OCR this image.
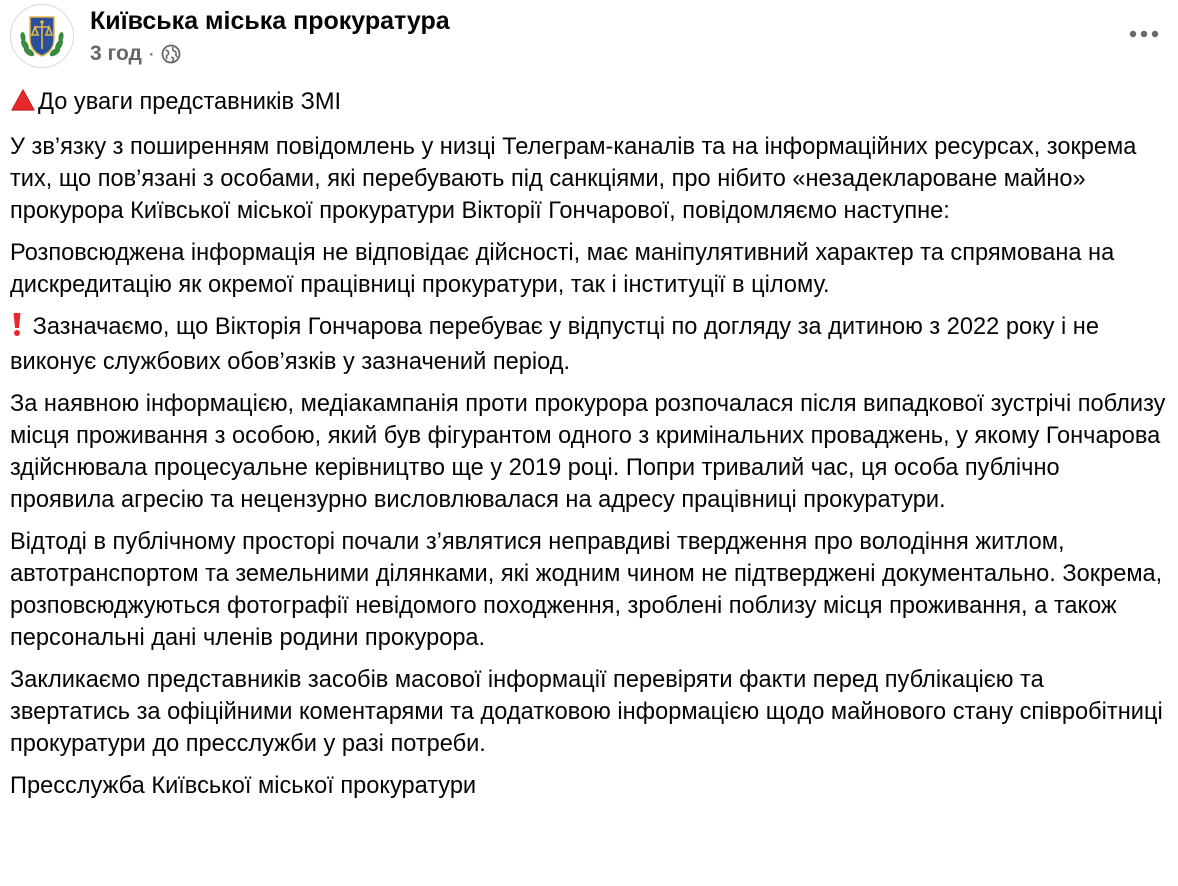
Київська міська прокуратура
3 год ·

До уваги представників ЗМІ

У зв’язку з поширенням повідомлень у низці Телеграм-каналів та на інформаційних ресурсах, зокрема тих, що пов’язані з особами, які перебувають під санкціями, про нібито «незадекларoване майно» прокурора Київської міської прокуратури Вікторії Гончарової, повідомляємо наступне:

Розповсюджена інформація не відповідає дійсності, має маніпулятивний характер та спрямована на дискредитацію як окремої працівниці прокуратури, так і інституції в цілому.

Зазначаємо, що Вікторія Гончарова перебуває у відпустці по догляду за дитиною з 2022 року і не виконує службових обов’язків у зазначений період.

За наявною інформацією, медіакампанія проти прокурора розпочалася після випадкової зустрічі поблизу місця проживання з особою, який був фігурантом одного з кримінальних проваджень, у якому Гончарова здійснювала процесуальне керівництво ще у 2019 році. Попри тривалий час, ця особа публічно проявила агресію та нецензурно висловлювалася на адресу працівниці прокуратури.

Відтоді в публічному просторі почали з’являтися неправдиві твердження про володіння житлом, автотранспортом та земельними ділянками, які жодним чином не підтверджені документально. Зокрема, розповсюджуються фотографії невідомого походження, зроблені поблизу місця проживання, а також персональні дані членів родини прокурора.

Закликаємо представників засобів масової інформації перевіряти факти перед публікацією та звертатись за офіційними коментарями та додатковою інформацією щодо майнового стану співробітниці прокуратури до пресслужби у разі потреби.

Пресслужба Київської міської прокуратури
